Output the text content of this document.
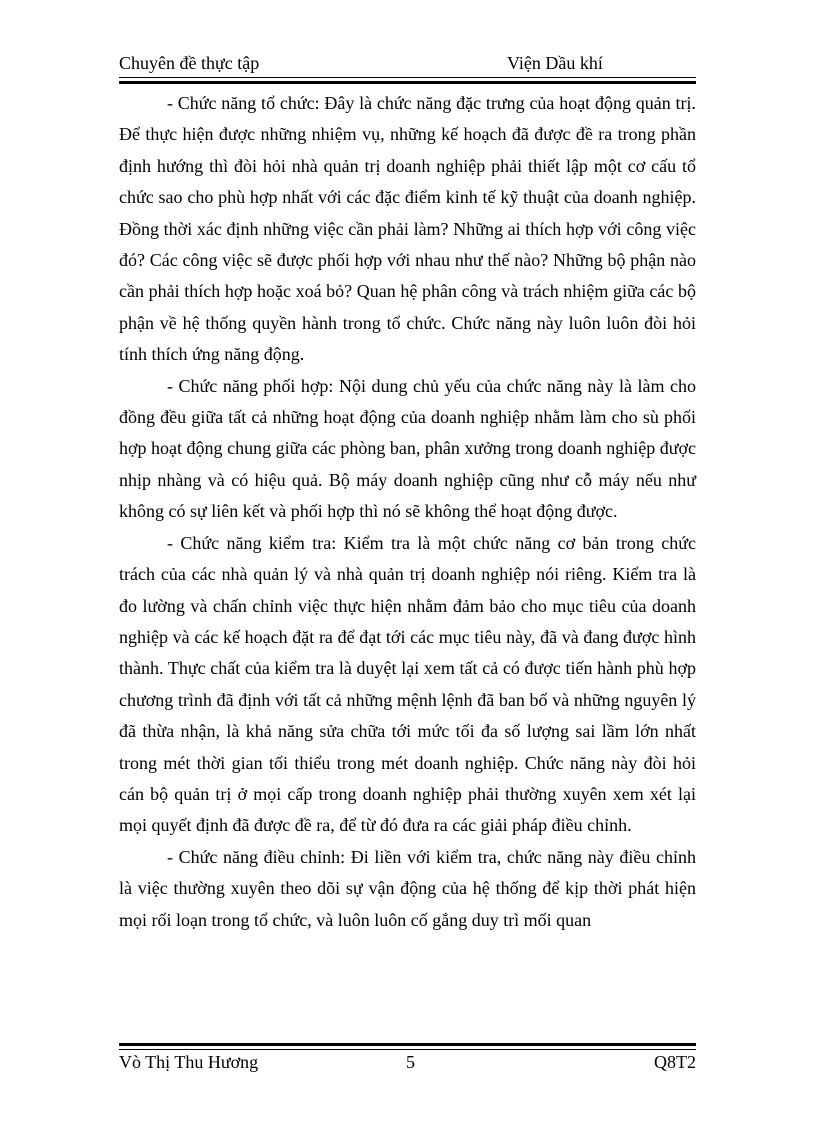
Chuyên đề thực tập	Viện Dầu khí

- Chức năng tổ chức: Đây là chức năng đặc trưng của hoạt động quản trị. Để thực hiện được những nhiệm vụ, những kế hoạch đã được đề ra trong phần định hướng thì đòi hỏi nhà quản trị doanh nghiệp phải thiết lập một cơ cấu tổ chức sao cho phù hợp nhất với các đặc điểm kinh tế kỹ thuật của doanh nghiệp. Đồng thời xác định những việc cần phải làm? Những ai thích hợp với công việc đó? Các công việc sẽ được phối hợp với nhau như thế nào? Những bộ phận nào cần phải thích hợp hoặc xoá bỏ? Quan hệ phân công và trách nhiệm giữa các bộ phận về hệ thống quyền hành trong tổ chức. Chức năng này luôn luôn đòi hỏi tính thích ứng năng động.

- Chức năng phối hợp: Nội dung chủ yếu của chức năng này là làm cho đồng đều giữa tất cả những hoạt động của doanh nghiệp nhằm làm cho sù phối hợp hoạt động chung giữa các phòng ban, phân xưởng trong doanh nghiệp được nhịp nhàng và có hiệu quả. Bộ máy doanh nghiệp cũng như cỗ máy nếu như không có sự liên kết và phối hợp thì nó sẽ không thể hoạt động được.

- Chức năng kiểm tra: Kiểm tra là một chức năng cơ bản trong chức trách của các nhà quản lý và nhà quản trị doanh nghiệp nói riêng. Kiểm tra là đo lường và chấn chỉnh việc thực hiện nhằm đảm bảo cho mục tiêu của doanh nghiệp và các kế hoạch đặt ra để đạt tới các mục tiêu này, đã và đang được hình thành. Thực chất của kiểm tra là duyệt lại xem tất cả có được tiến hành phù hợp chương trình đã định với tất cả những mệnh lệnh đã ban bố và những nguyên lý đã thừa nhận, là khả năng sửa chữa tới mức tối đa số lượng sai lầm lớn nhất trong mét thời gian tối thiểu trong mét doanh nghiệp. Chức năng này đòi hỏi cán bộ quản trị ở mọi cấp trong doanh nghiệp phải thường xuyên xem xét lại mọi quyết định đã được đề ra, để từ đó đưa ra các giải pháp điều chỉnh.

- Chức năng điều chỉnh: Đi liền với kiểm tra, chức năng này điều chỉnh là việc thường xuyên theo dõi sự vận động của hệ thống để kịp thời phát hiện mọi rối loạn trong tổ chức, và luôn luôn cố gắng duy trì mối quan

Vò Thị Thu Hương	5	Q8T2
